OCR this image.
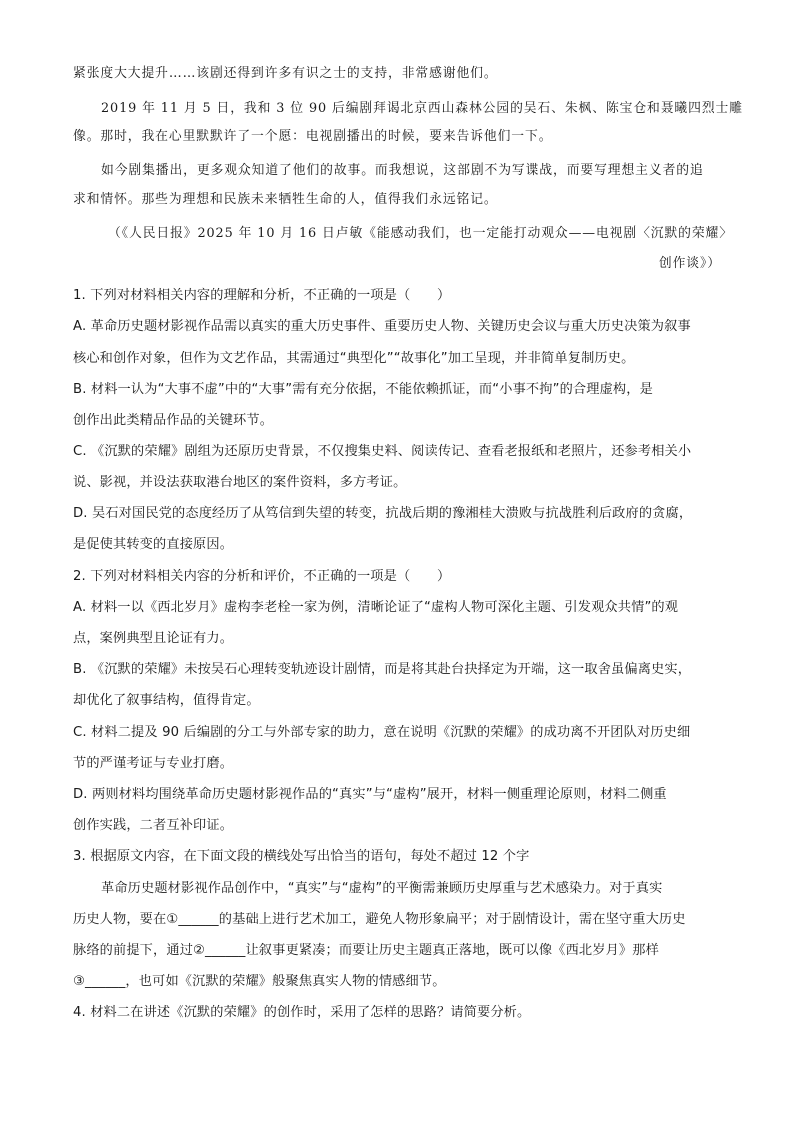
紧张度大大提升……该剧还得到许多有识之士的支持，非常感谢他们。
2019 年 11 月 5 日，我和 3 位 90 后编剧拜谒北京西山森林公园的吴石、朱枫、陈宝仓和聂曦四烈士雕
像。那时，我在心里默默许了一个愿：电视剧播出的时候，要来告诉他们一下。
如今剧集播出，更多观众知道了他们的故事。而我想说，这部剧不为写谍战，而要写理想主义者的追
求和情怀。那些为理想和民族未来牺牲生命的人，值得我们永远铭记。
（《人民日报》2025 年 10 月 16 日卢敏《能感动我们，也一定能打动观众——电视剧〈沉默的荣耀〉
创作谈》）
1. 下列对材料相关内容的理解和分析，不正确的一项是（　　）
A. 革命历史题材影视作品需以真实的重大历史事件、重要历史人物、关键历史会议与重大历史决策为叙事
核心和创作对象，但作为文艺作品，其需通过“典型化”“故事化”加工呈现，并非简单复制历史。
B. 材料一认为“大事不虚”中的“大事”需有充分依据，不能依赖抓证，而“小事不拘”的合理虚构，是
创作出此类精品作品的关键环节。
C. 《沉默的荣耀》剧组为还原历史背景，不仅搜集史料、阅读传记、查看老报纸和老照片，还参考相关小
说、影视，并设法获取港台地区的案件资料，多方考证。
D. 吴石对国民党的态度经历了从笃信到失望的转变，抗战后期的豫湘桂大溃败与抗战胜利后政府的贪腐，
是促使其转变的直接原因。
2. 下列对材料相关内容的分析和评价，不正确的一项是（　　）
A. 材料一以《西北岁月》虚构李老栓一家为例，清晰论证了“虚构人物可深化主题、引发观众共情”的观
点，案例典型且论证有力。
B. 《沉默的荣耀》未按吴石心理转变轨迹设计剧情，而是将其赴台抉择定为开端，这一取舍虽偏离史实，
却优化了叙事结构，值得肯定。
C. 材料二提及 90 后编剧的分工与外部专家的助力，意在说明《沉默的荣耀》的成功离不开团队对历史细
节的严谨考证与专业打磨。
D. 两则材料均围绕革命历史题材影视作品的“真实”与“虚构”展开，材料一侧重理论原则，材料二侧重
创作实践，二者互补印证。
3. 根据原文内容，在下面文段的横线处写出恰当的语句，每处不超过 12 个字
革命历史题材影视作品创作中，“真实”与“虚构”的平衡需兼顾历史厚重与艺术感染力。对于真实
历史人物，要在①______的基础上进行艺术加工，避免人物形象扁平；对于剧情设计，需在坚守重大历史
脉络的前提下，通过②______让叙事更紧凑；而要让历史主题真正落地，既可以像《西北岁月》那样
③______，也可如《沉默的荣耀》般聚焦真实人物的情感细节。
4. 材料二在讲述《沉默的荣耀》的创作时，采用了怎样的思路？请简要分析。
